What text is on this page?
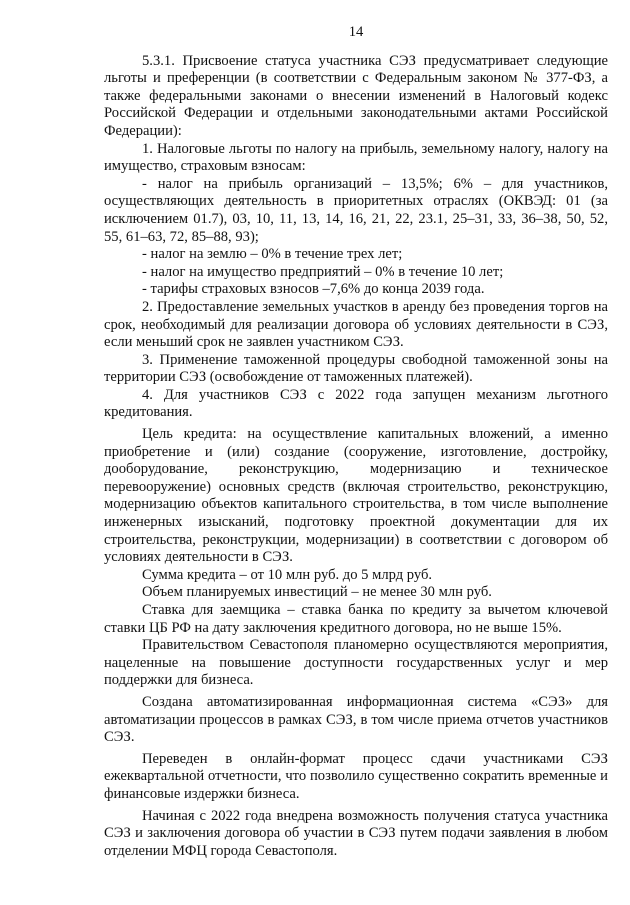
14

5.3.1. Присвоение статуса участника СЭЗ предусматривает следующие льготы и преференции (в соответствии с Федеральным законом № 377-ФЗ, а также федеральными законами о внесении изменений в Налоговый кодекс Российской Федерации и отдельными законодательными актами Российской Федерации):

1. Налоговые льготы по налогу на прибыль, земельному налогу, налогу на имущество, страховым взносам:

- налог на прибыль организаций – 13,5%; 6% – для участников, осуществляющих деятельность в приоритетных отраслях (ОКВЭД: 01 (за исключением 01.7), 03, 10, 11, 13, 14, 16, 21, 22, 23.1, 25–31, 33, 36–38, 50, 52, 55, 61–63, 72, 85–88, 93);

- налог на землю – 0% в течение трех лет;

- налог на имущество предприятий – 0% в течение 10 лет;

- тарифы страховых взносов –7,6% до конца 2039 года.

2. Предоставление земельных участков в аренду без проведения торгов на срок, необходимый для реализации договора об условиях деятельности в СЭЗ, если меньший срок не заявлен участником СЭЗ.

3. Применение таможенной процедуры свободной таможенной зоны на территории СЭЗ (освобождение от таможенных платежей).

4. Для участников СЭЗ с 2022 года запущен механизм льготного кредитования.

Цель кредита: на осуществление капитальных вложений, а именно приобретение и (или) создание (сооружение, изготовление, достройку, дооборудование, реконструкцию, модернизацию и техническое перевооружение) основных средств (включая строительство, реконструкцию, модернизацию объектов капитального строительства, в том числе выполнение инженерных изысканий, подготовку проектной документации для их строительства, реконструкции, модернизации) в соответствии с договором об условиях деятельности в СЭЗ.

Сумма кредита – от 10 млн руб. до 5 млрд руб.

Объем планируемых инвестиций – не менее 30 млн руб.

Ставка для заемщика – ставка банка по кредиту за вычетом ключевой ставки ЦБ РФ на дату заключения кредитного договора, но не выше 15%.

Правительством Севастополя планомерно осуществляются мероприятия, нацеленные на повышение доступности государственных услуг и мер поддержки для бизнеса.

Создана автоматизированная информационная система «СЭЗ» для автоматизации процессов в рамках СЭЗ, в том числе приема отчетов участников СЭЗ.

Переведен в онлайн-формат процесс сдачи участниками СЭЗ ежеквартальной отчетности, что позволило существенно сократить временные и финансовые издержки бизнеса.

Начиная с 2022 года внедрена возможность получения статуса участника СЭЗ и заключения договора об участии в СЭЗ путем подачи заявления в любом отделении МФЦ города Севастополя.
